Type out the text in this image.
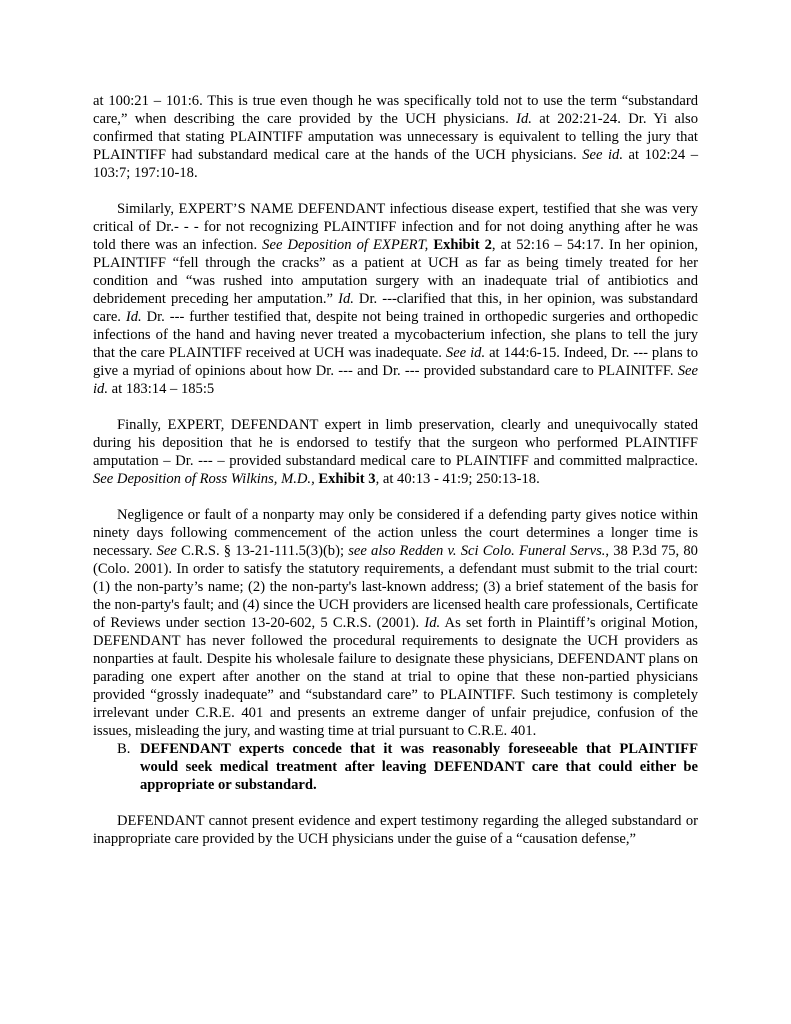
at 100:21 – 101:6. This is true even though he was specifically told not to use the term “substandard care,” when describing the care provided by the UCH physicians. Id. at 202:21-24. Dr. Yi also confirmed that stating PLAINTIFF amputation was unnecessary is equivalent to telling the jury that PLAINTIFF had substandard medical care at the hands of the UCH physicians. See id. at 102:24 – 103:7; 197:10-18.

Similarly, EXPERT’S NAME DEFENDANT infectious disease expert, testified that she was very critical of Dr.- - - for not recognizing PLAINTIFF infection and for not doing anything after he was told there was an infection. See Deposition of EXPERT, Exhibit 2, at 52:16 – 54:17. In her opinion, PLAINTIFF “fell through the cracks” as a patient at UCH as far as being timely treated for her condition and “was rushed into amputation surgery with an inadequate trial of antibiotics and debridement preceding her amputation.” Id. Dr. ---clarified that this, in her opinion, was substandard care. Id. Dr. --- further testified that, despite not being trained in orthopedic surgeries and orthopedic infections of the hand and having never treated a mycobacterium infection, she plans to tell the jury that the care PLAINTIFF received at UCH was inadequate. See id. at 144:6-15. Indeed, Dr. --- plans to give a myriad of opinions about how Dr. --- and Dr. --- provided substandard care to PLAINITFF. See id. at 183:14 – 185:5

Finally, EXPERT, DEFENDANT expert in limb preservation, clearly and unequivocally stated during his deposition that he is endorsed to testify that the surgeon who performed PLAINTIFF amputation – Dr. --- – provided substandard medical care to PLAINTIFF and committed malpractice. See Deposition of Ross Wilkins, M.D., Exhibit 3, at 40:13 - 41:9; 250:13-18.

Negligence or fault of a nonparty may only be considered if a defending party gives notice within ninety days following commencement of the action unless the court determines a longer time is necessary. See C.R.S. § 13-21-111.5(3)(b); see also Redden v. Sci Colo. Funeral Servs., 38 P.3d 75, 80 (Colo. 2001). In order to satisfy the statutory requirements, a defendant must submit to the trial court: (1) the non-party’s name; (2) the non-party's last-known address; (3) a brief statement of the basis for the non-party's fault; and (4) since the UCH providers are licensed health care professionals, Certificate of Reviews under section 13-20-602, 5 C.R.S. (2001). Id. As set forth in Plaintiff’s original Motion, DEFENDANT has never followed the procedural requirements to designate the UCH providers as nonparties at fault. Despite his wholesale failure to designate these physicians, DEFENDANT plans on parading one expert after another on the stand at trial to opine that these non-partied physicians provided “grossly inadequate” and “substandard care” to PLAINTIFF. Such testimony is completely irrelevant under C.R.E. 401 and presents an extreme danger of unfair prejudice, confusion of the issues, misleading the jury, and wasting time at trial pursuant to C.R.E. 401.

B. DEFENDANT experts concede that it was reasonably foreseeable that PLAINTIFF would seek medical treatment after leaving DEFENDANT care that could either be appropriate or substandard.

DEFENDANT cannot present evidence and expert testimony regarding the alleged substandard or inappropriate care provided by the UCH physicians under the guise of a “causation defense,”
